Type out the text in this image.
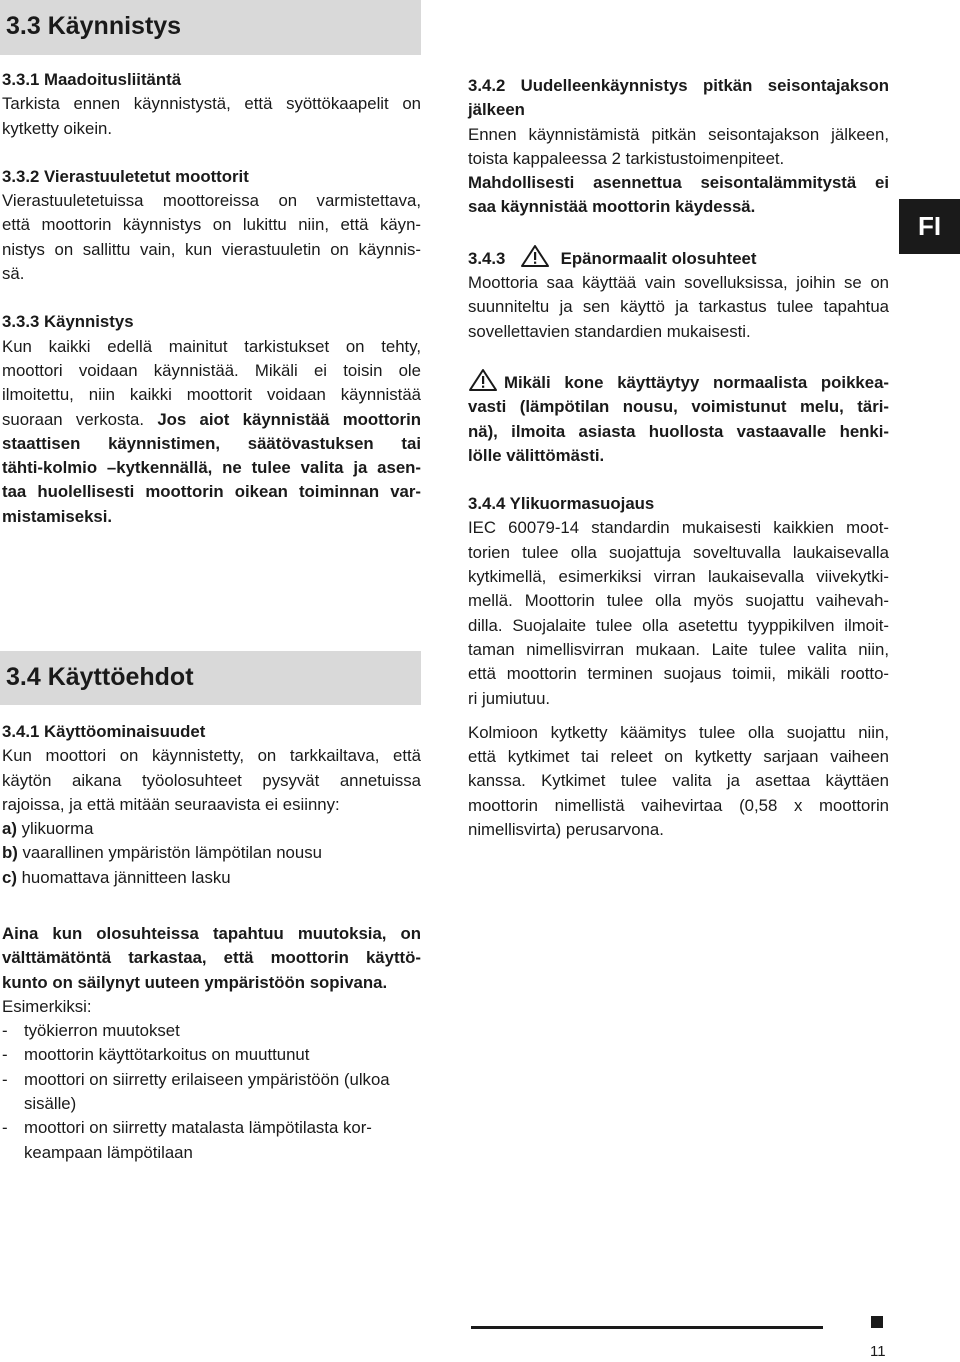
3.3 Käynnistys

3.3.1 Maadoitusliitäntä

Tarkista ennen käynnistystä, että syöttökaapelit on

kytketty oikein.

3.3.2 Vierastuuletetut moottorit

Vierastuuletetuissa moottoreissa on varmistettava,

että moottorin käynnistys on lukittu niin, että käyn-

nistys on sallittu vain, kun vierastuuletin on käynnis-

sä.

3.3.3 Käynnistys

Kun kaikki edellä mainitut tarkistukset on tehty,

moottori voidaan käynnistää. Mikäli ei toisin ole

ilmoitettu, niin kaikki moottorit voidaan käynnistää

suoraan verkosta. Jos aiot käynnistää moottorin

staattisen käynnistimen, säätövastuksen tai

tähti-kolmio –kytkennällä, ne tulee valita ja asen-

taa huolellisesti moottorin oikean toiminnan var-

mistamiseksi.

3.4 Käyttöehdot

3.4.1 Käyttöominaisuudet

Kun moottori on käynnistetty, on tarkkailtava, että

käytön aikana työolosuhteet pysyvät annetuissa

rajoissa, ja että mitään seuraavista ei esiinny:

a) ylikuorma

b) vaarallinen ympäristön lämpötilan nousu

c) huomattava jännitteen lasku

Aina kun olosuhteissa tapahtuu muutoksia, on

välttämätöntä tarkastaa, että moottorin käyttö-

kunto on säilynyt uuteen ympäristöön sopivana.

Esimerkiksi:

- työkierron muutokset
- moottorin käyttötarkoitus on muuttunut
- moottori on siirretty erilaiseen ympäristöön (ulkoa sisälle)
- moottori on siirretty matalasta lämpötilasta kor-keampaan lämpötilaan

3.4.2 Uudelleenkäynnistys pitkän seisontajakson

jälkeen

Ennen käynnistämistä pitkän seisontajakson jälkeen,

toista kappaleessa 2 tarkistustoimenpiteet.

Mahdollisesti asennettua seisontalämmitystä ei

saa käynnistää moottorin käydessä.

3.4.3	Epänormaalit olosuhteet

Moottoria saa käyttää vain sovelluksissa, joihin se on

suunniteltu ja sen käyttö ja tarkastus tulee tapahtua

sovellettavien standardien mukaisesti.

Mikäli kone käyttäytyy normaalista poikkea-

vasti (lämpötilan nousu, voimistunut melu, täri-

nä), ilmoita asiasta huollosta vastaavalle henki-

lölle välittömästi.

3.4.4 Ylikuormasuojaus

IEC 60079-14 standardin mukaisesti kaikkien moot-

torien tulee olla suojattuja soveltuvalla laukaisevalla

kytkimellä, esimerkiksi virran laukaisevalla viivekytki-

mellä. Moottorin tulee olla myös suojattu vaihevah-

dilla. Suojalaite tulee olla asetettu tyyppikilven ilmoit-

taman nimellisvirran mukaan. Laite tulee valita niin,

että moottorin terminen suojaus toimii, mikäli rootto-

ri jumiutuu.

Kolmioon kytketty käämitys tulee olla suojattu niin,

että kytkimet tai releet on kytketty sarjaan vaiheen

kanssa. Kytkimet tulee valita ja asettaa käyttäen

moottorin nimellistä vaihevirtaa (0,58 x moottorin

nimellisvirta) perusarvona.

FI
11
